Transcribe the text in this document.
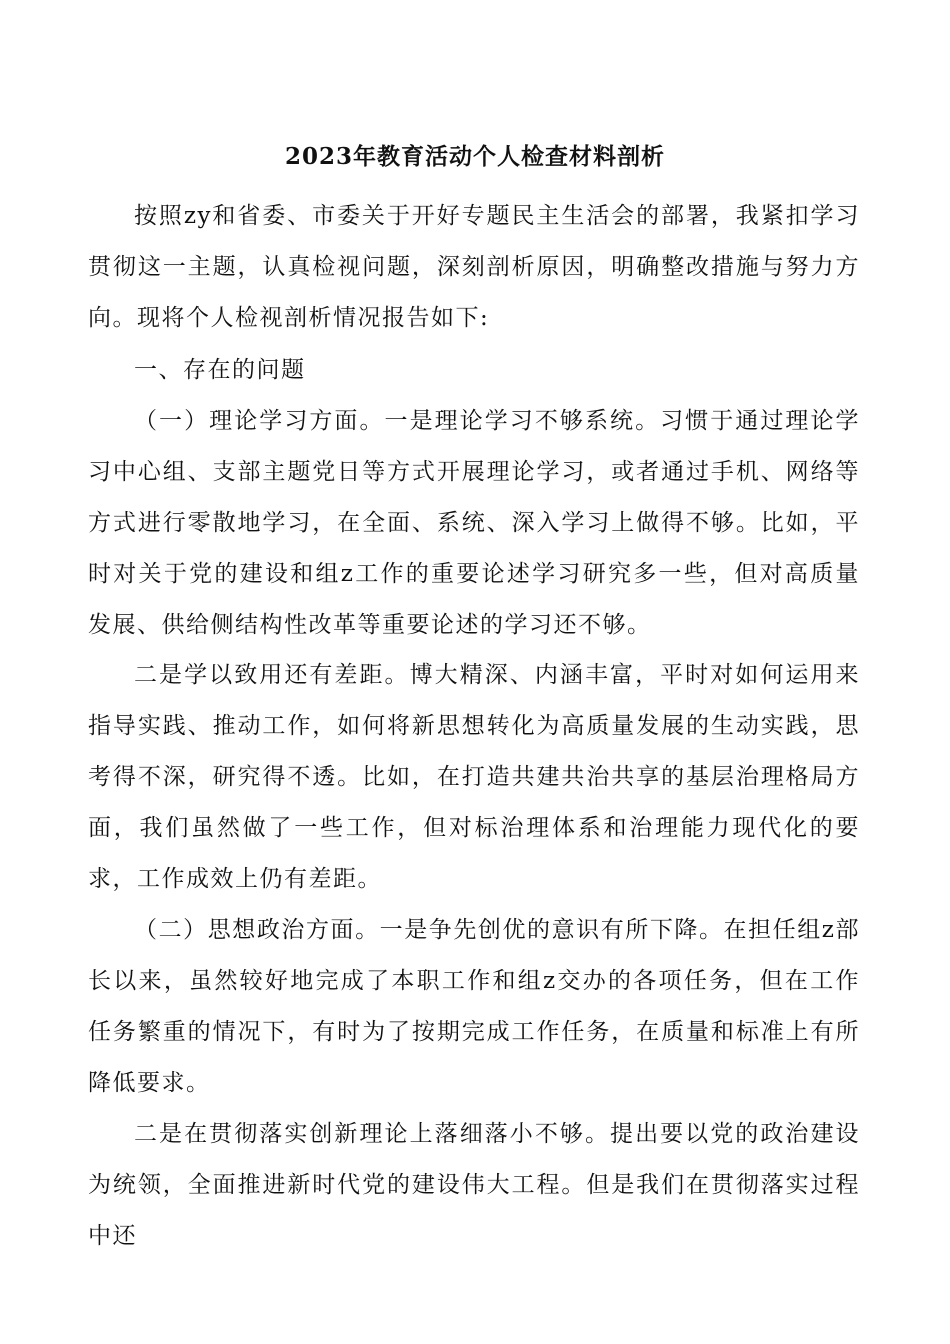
2023年教育活动个人检查材料剖析

按照zy和省委、市委关于开好专题民主生活会的部署，我紧扣学习贯彻这一主题，认真检视问题，深刻剖析原因，明确整改措施与努力方向。现将个人检视剖析情况报告如下:

一、存在的问题

（一）理论学习方面。一是理论学习不够系统。习惯于通过理论学习中心组、支部主题党日等方式开展理论学习，或者通过手机、网络等方式进行零散地学习，在全面、系统、深入学习上做得不够。比如，平时对关于党的建设和组z工作的重要论述学习研究多一些，但对高质量发展、供给侧结构性改革等重要论述的学习还不够。

二是学以致用还有差距。博大精深、内涵丰富，平时对如何运用来指导实践、推动工作，如何将新思想转化为高质量发展的生动实践，思考得不深，研究得不透。比如，在打造共建共治共享的基层治理格局方面，我们虽然做了一些工作，但对标治理体系和治理能力现代化的要求，工作成效上仍有差距。

（二）思想政治方面。一是争先创优的意识有所下降。在担任组z部长以来，虽然较好地完成了本职工作和组z交办的各项任务，但在工作任务繁重的情况下，有时为了按期完成工作任务，在质量和标准上有所降低要求。

二是在贯彻落实创新理论上落细落小不够。提出要以党的政治建设为统领，全面推进新时代党的建设伟大工程。但是我们在贯彻落实过程中还
